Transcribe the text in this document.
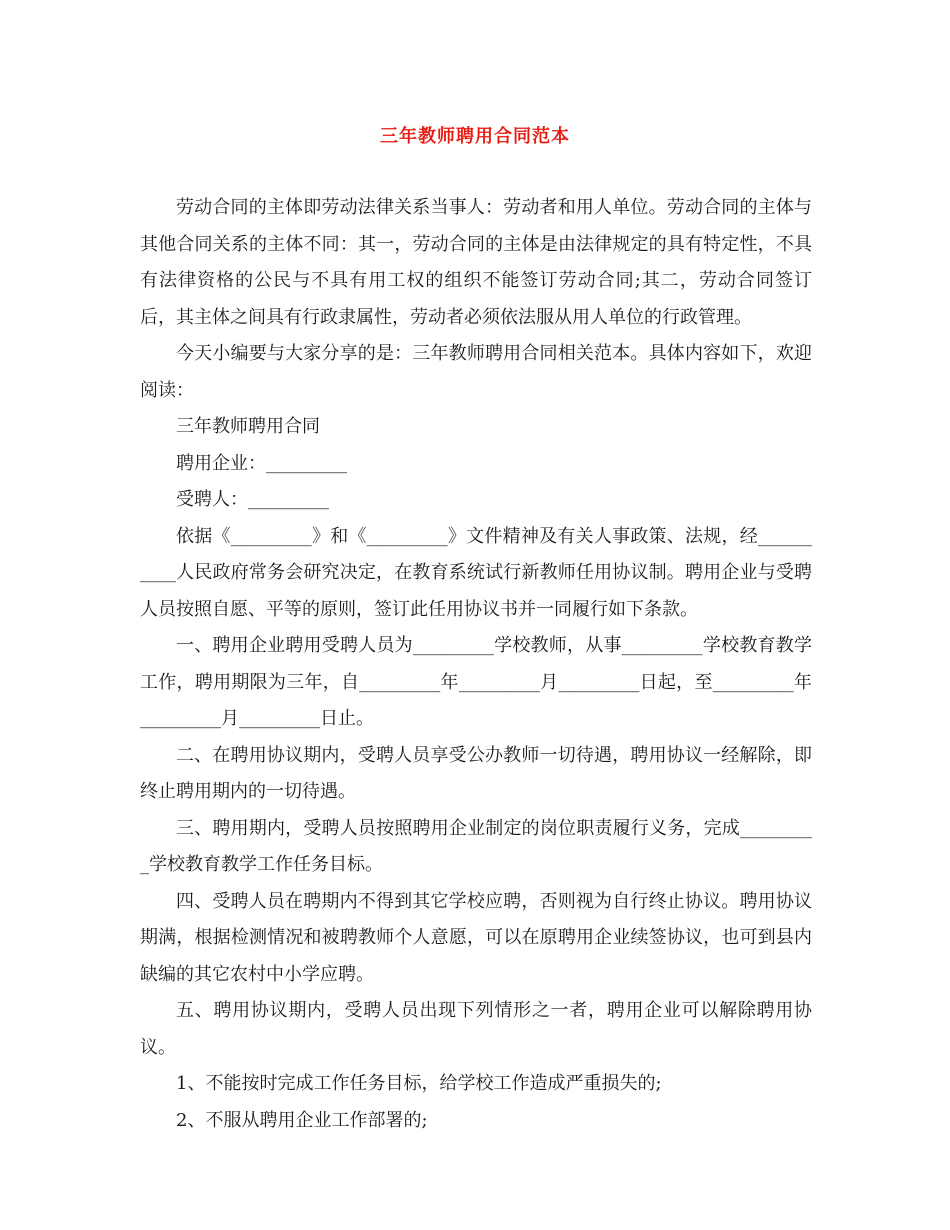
三年教师聘用合同范本

劳动合同的主体即劳动法律关系当事人：劳动者和用人单位。劳动合同的主体与其他合同关系的主体不同：其一，劳动合同的主体是由法律规定的具有特定性，不具有法律资格的公民与不具有用工权的组织不能签订劳动合同;其二，劳动合同签订后，其主体之间具有行政隶属性，劳动者必须依法服从用人单位的行政管理。

今天小编要与大家分享的是：三年教师聘用合同相关范本。具体内容如下，欢迎阅读：

三年教师聘用合同

聘用企业：_________

受聘人：_________

依据《_________》和《_________》文件精神及有关人事政策、法规，经__________人民政府常务会研究决定，在教育系统试行新教师任用协议制。聘用企业与受聘人员按照自愿、平等的原则，签订此任用协议书并一同履行如下条款。

一、聘用企业聘用受聘人员为_________学校教师，从事_________学校教育教学工作，聘用期限为三年，自_________年_________月_________日起，至_________年_________月_________日止。

二、在聘用协议期内，受聘人员享受公办教师一切待遇，聘用协议一经解除，即终止聘用期内的一切待遇。

三、聘用期内，受聘人员按照聘用企业制定的岗位职责履行义务，完成_________学校教育教学工作任务目标。

四、受聘人员在聘期内不得到其它学校应聘，否则视为自行终止协议。聘用协议期满，根据检测情况和被聘教师个人意愿，可以在原聘用企业续签协议，也可到县内缺编的其它农村中小学应聘。

五、聘用协议期内，受聘人员出现下列情形之一者，聘用企业可以解除聘用协议。

1、不能按时完成工作任务目标，给学校工作造成严重损失的;

2、不服从聘用企业工作部署的;
